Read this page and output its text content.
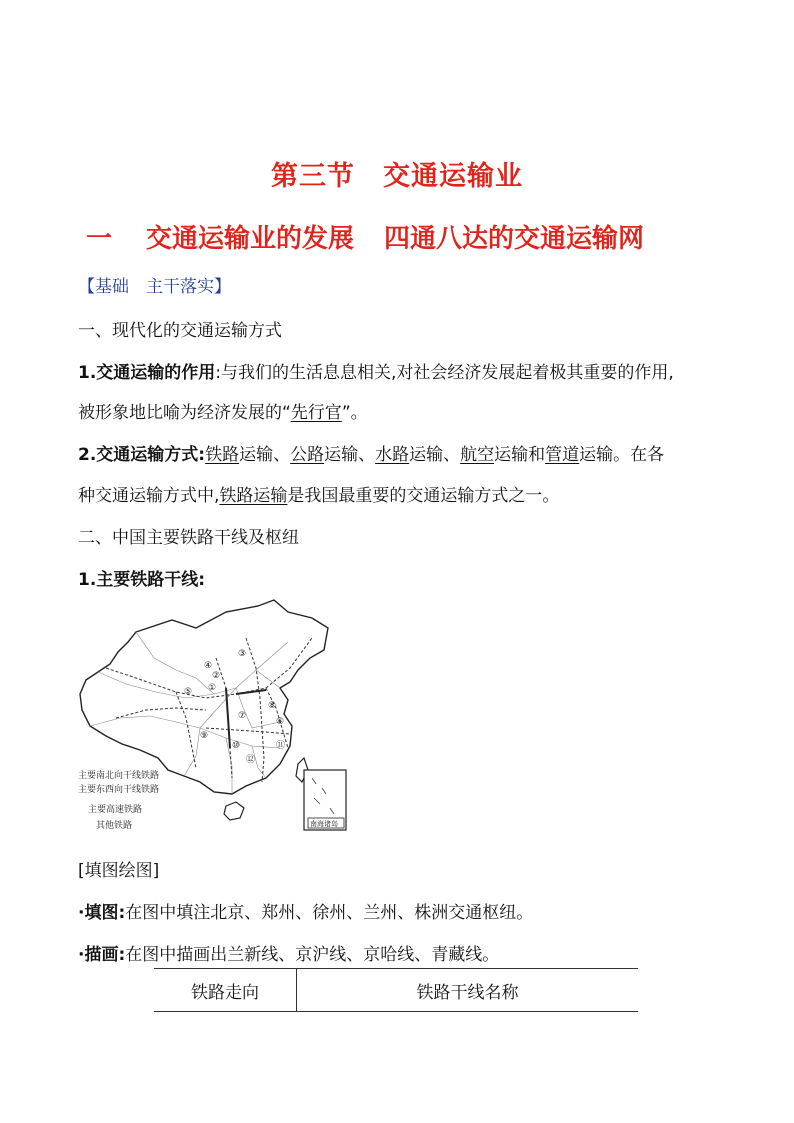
第三节　交通运输业
一 交通运输业的发展 四通八达的交通运输网
【基础　主干落实】
一、现代化的交通运输方式
1.交通运输的作用:与我们的生活息息相关,对社会经济发展起着极其重要的作用,
被形象地比喻为经济发展的“先行官”。
2.交通运输方式:铁路运输、公路运输、水路运输、航空运输和管道运输。在各
种交通运输方式中,铁路运输是我国最重要的交通运输方式之一。
二、中国主要铁路干线及枢纽
1.主要铁路干线:
①
②
③
④
⑤
⑥
⑦
⑧
⑨
⑩	⑪
⑫
主要南北向干线铁路
主要东西向干线铁路
主要高速铁路
其他铁路	南海诸岛
[填图绘图]
·填图:在图中填注北京、郑州、徐州、兰州、株洲交通枢纽。
·描画:在图中描画出兰新线、京沪线、京哈线、青藏线。
铁路走向	铁路干线名称
